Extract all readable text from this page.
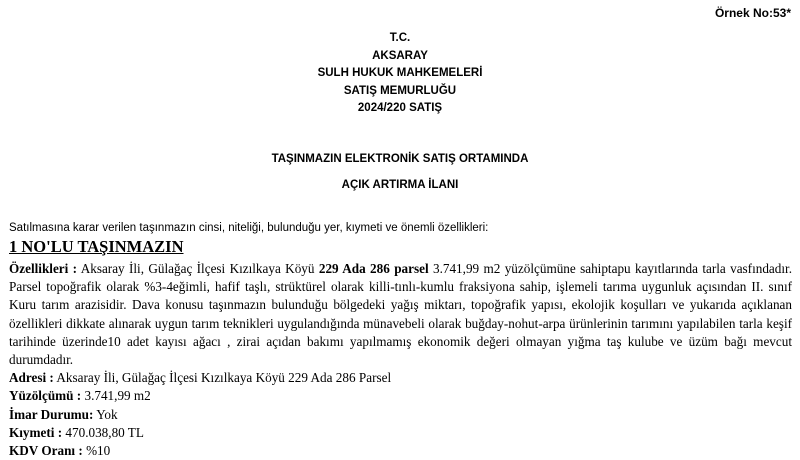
Örnek No:53*
T.C.
AKSARAY
SULH HUKUK MAHKEMELERİ
SATIŞ MEMURLUĞU
2024/220 SATIŞ
TAŞINMAZIN ELEKTRONİK SATIŞ ORTAMINDA
AÇIK ARTIRMA İLANI
Satılmasına karar verilen taşınmazın cinsi, niteliği, bulunduğu yer, kıymeti ve önemli özellikleri:
1 NO'LU TAŞINMAZIN
Özellikleri : Aksaray İli, Gülağaç İlçesi Kızılkaya Köyü 229 Ada 286 parsel 3.741,99 m2 yüzölçümüne sahiptapu kayıtlarında tarla vasfındadır. Parsel topoğrafik olarak %3-4eğimli, hafif taşlı, strüktürel olarak killi-tınlı-kumlu fraksiyona sahip, işlemeli tarıma uygunluk açısından II. sınıf Kuru tarım arazisidir. Dava konusu taşınmazın bulunduğu bölgedeki yağış miktarı, topoğrafik yapısı, ekolojik koşulları ve yukarıda açıklanan özellikleri dikkate alınarak uygun tarım teknikleri uygulandığında münavebeli olarak buğday-nohut-arpa ürünlerinin tarımını yapılabilen tarla keşif tarihinde üzerinde10 adet kayısı ağacı , zirai açıdan bakımı yapılmamış ekonomik değeri olmayan yığma taş kulube ve üzüm bağı mevcut durumdadır.
Adresi : Aksaray İli, Gülağaç İlçesi Kızılkaya Köyü 229 Ada 286 Parsel
Yüzölçümü : 3.741,99 m2
İmar Durumu: Yok
Kıymeti : 470.038,80 TL
KDV Oranı : %10
